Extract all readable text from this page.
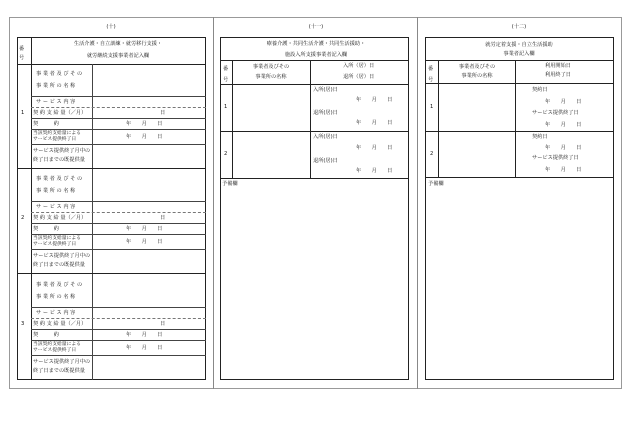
(十)
番号
生活介護・自立訓練・就労移行支援・
就労継続支援事業者記入欄
事 業 者 及 び そ の
事 業 所 の 名 称
サ ー ビ ス 内 容
1 契 約 支 給 量（／月）	日
契　　　約	年　　月　　日
当該契約支給量による
サービス提供終了日	年　　月　　日
サービス提供終了月中の
終了日までの既提供量
事 業 者 及 び そ の
事 業 所 の 名 称
サ ー ビ ス 内 容
2 契 約 支 給 量（／月）	日
契　　　約	年　　月　　日
当該契約支給量による
サービス提供終了日	年　　月　　日
サービス提供終了月中の
終了日までの既提供量
事 業 者 及 び そ の
事 業 所 の 名 称
サ ー ビ ス 内 容
3 契 約 支 給 量（／月）	日
契　　　約	年　　月　　日
当該契約支給量による
サービス提供終了日	年　　月　　日
サービス提供終了月中の
終了日までの既提供量
(十一)
療養介護・共同生活介護・共同生活援助・
施設入所支援事業者記入欄
番号
事業者及びその
事業所の名称
入所（居）日
退所（居）日
1
入所(居)日
年　　月　　日
退所(居)日
年　　月　　日
2
入所(居)日
年　　月　　日
退所(居)日
年　　月　　日
予備欄
(十二)
就労定着支援・自立生活援助
事業者記入欄
番号
事業者及びその
事業所の名称
利用開始日
利用終了日
1
契約日
年　　月　　日
サービス提供終了日
年　　月　　日
2
契約日
年　　月　　日
サービス提供終了日
年　　月　　日
予備欄
